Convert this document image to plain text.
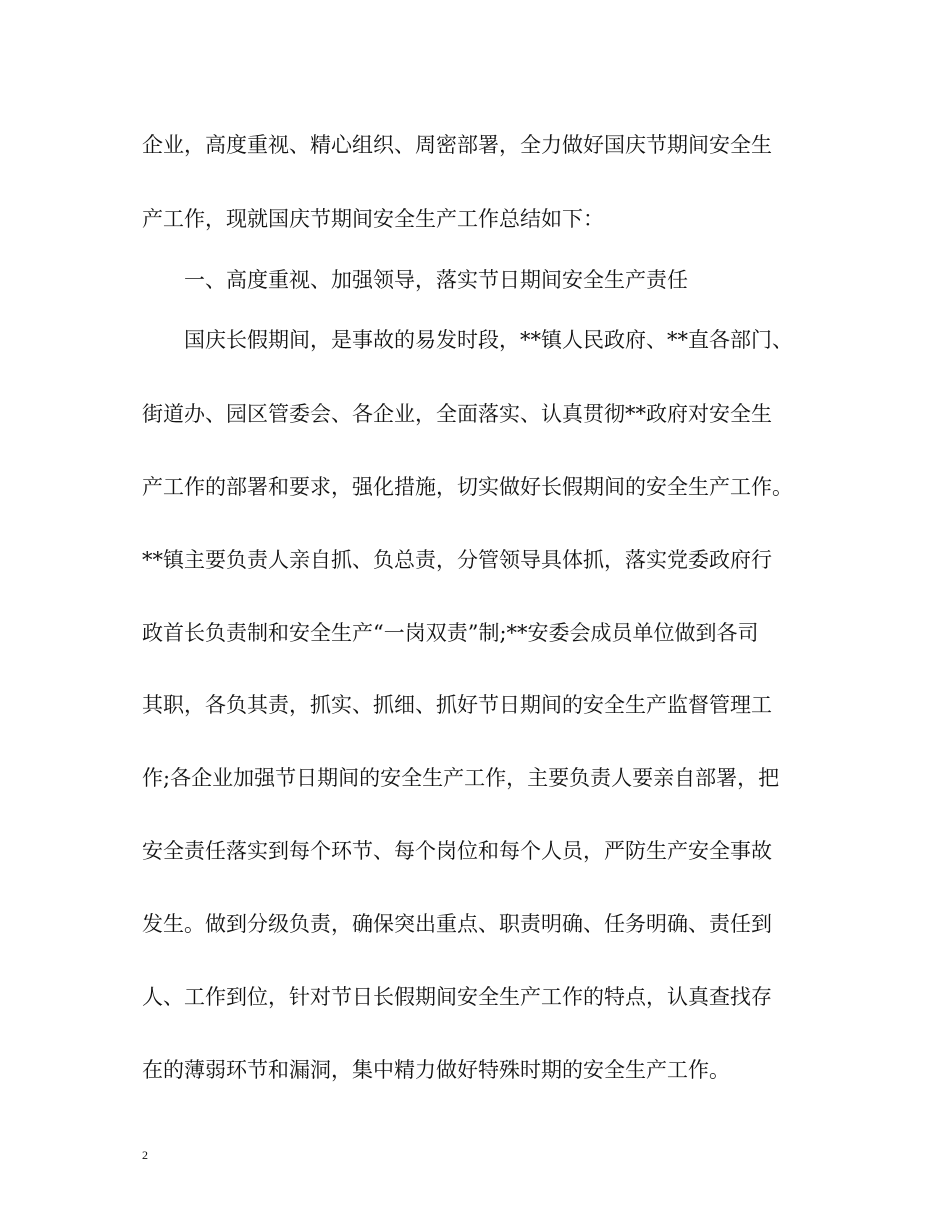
企业，高度重视、精心组织、周密部署，全力做好国庆节期间安全生
产工作，现就国庆节期间安全生产工作总结如下：
一、高度重视、加强领导，落实节日期间安全生产责任
国庆长假期间，是事故的易发时段，**镇人民政府、**直各部门、
街道办、园区管委会、各企业，全面落实、认真贯彻**政府对安全生
产工作的部署和要求，强化措施，切实做好长假期间的安全生产工作。
**镇主要负责人亲自抓、负总责，分管领导具体抓，落实党委政府行
政首长负责制和安全生产“一岗双责”制;**安委会成员单位做到各司
其职，各负其责，抓实、抓细、抓好节日期间的安全生产监督管理工
作;各企业加强节日期间的安全生产工作，主要负责人要亲自部署，把
安全责任落实到每个环节、每个岗位和每个人员，严防生产安全事故
发生。做到分级负责，确保突出重点、职责明确、任务明确、责任到
人、工作到位，针对节日长假期间安全生产工作的特点，认真查找存
在的薄弱环节和漏洞，集中精力做好特殊时期的安全生产工作。
2
